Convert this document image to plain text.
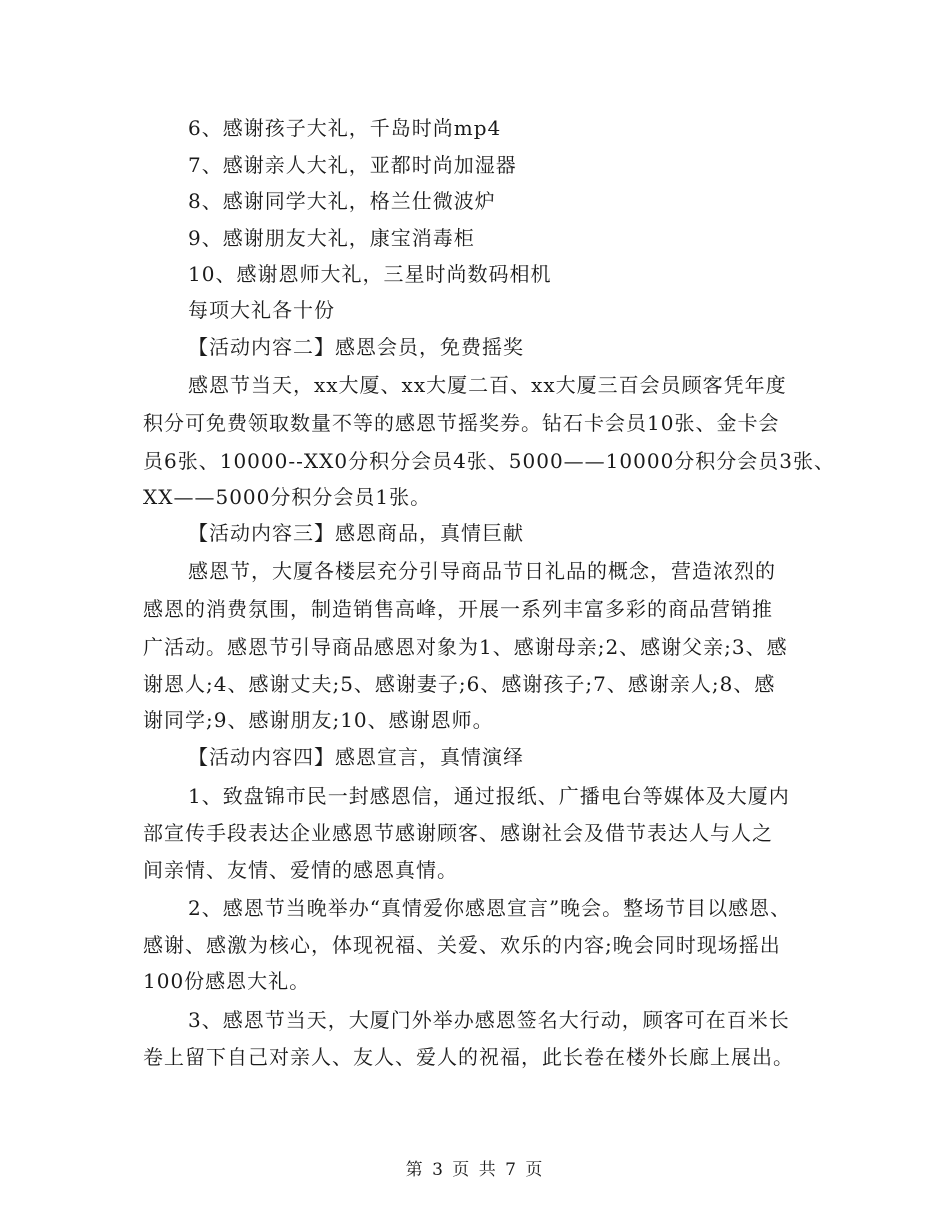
6、感谢孩子大礼，千岛时尚mp4
7、感谢亲人大礼，亚都时尚加湿器
8、感谢同学大礼，格兰仕微波炉
9、感谢朋友大礼，康宝消毒柜
10、感谢恩师大礼，三星时尚数码相机
每项大礼各十份
【活动内容二】感恩会员，免费摇奖
感恩节当天，xx大厦、xx大厦二百、xx大厦三百会员顾客凭年度
积分可免费领取数量不等的感恩节摇奖券。钻石卡会员10张、金卡会
员6张、10000--XX0分积分会员4张、5000——10000分积分会员3张、
XX——5000分积分会员1张。
【活动内容三】感恩商品，真情巨献
感恩节，大厦各楼层充分引导商品节日礼品的概念，营造浓烈的
感恩的消费氛围，制造销售高峰，开展一系列丰富多彩的商品营销推
广活动。感恩节引导商品感恩对象为1、感谢母亲;2、感谢父亲;3、感
谢恩人;4、感谢丈夫;5、感谢妻子;6、感谢孩子;7、感谢亲人;8、感
谢同学;9、感谢朋友;10、感谢恩师。
【活动内容四】感恩宣言，真情演绎
1、致盘锦市民一封感恩信，通过报纸、广播电台等媒体及大厦内
部宣传手段表达企业感恩节感谢顾客、感谢社会及借节表达人与人之
间亲情、友情、爱情的感恩真情。
2、感恩节当晚举办“真情爱你感恩宣言”晚会。整场节目以感恩、
感谢、感激为核心，体现祝福、关爱、欢乐的内容;晚会同时现场摇出
100份感恩大礼。
3、感恩节当天，大厦门外举办感恩签名大行动，顾客可在百米长
卷上留下自己对亲人、友人、爱人的祝福，此长卷在楼外长廊上展出。
第 3 页 共 7 页
